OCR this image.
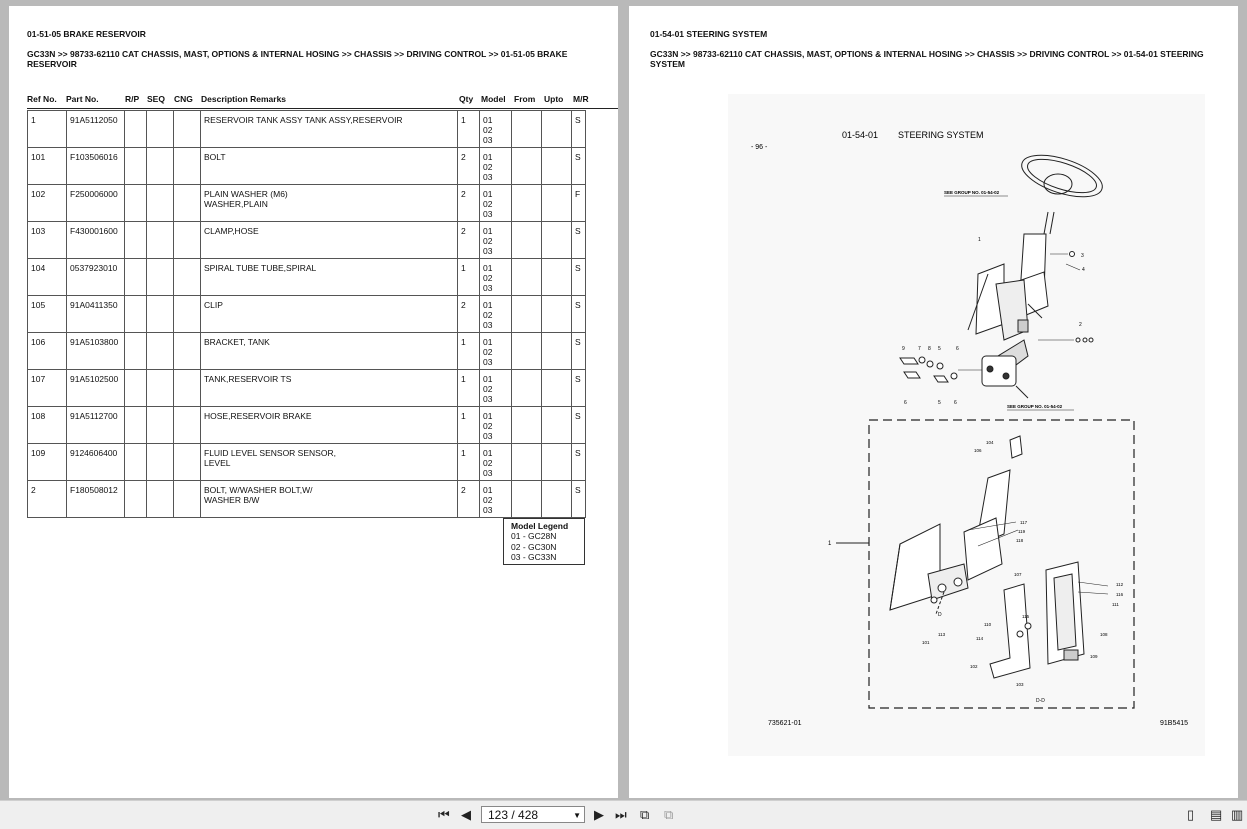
01-51-05 BRAKE RESERVOIR
GC33N >> 98733-62110 CAT CHASSIS, MAST, OPTIONS & INTERNAL HOSING >> CHASSIS >> DRIVING CONTROL >> 01-51-05 BRAKE RESERVOIR
Ref No. Part No.	R/P SEQ CNG Description Remarks	Qty Model From Upto M/R
1	91A5112050				RESERVOIR TANK ASSY TANK ASSY,RESERVOIR	1	01
02
03			S
101	F103506016				BOLT	2	01
02
03			S
102	F250006000				PLAIN WASHER (M6)
WASHER,PLAIN	2	01
02
03			F
103	F430001600				CLAMP,HOSE	2	01
02
03			S
104	0537923010				SPIRAL TUBE TUBE,SPIRAL	1	01
02
03			S
105	91A0411350				CLIP	2	01
02
03			S
106	91A5103800				BRACKET, TANK	1	01
02
03			S
107	91A5102500				TANK,RESERVOIR TS	1	01
02
03			S
108	91A5112700				HOSE,RESERVOIR BRAKE	1	01
02
03			S
109	9124606400				FLUID LEVEL SENSOR SENSOR,
LEVEL	1	01
02
03			S
2	F180508012				BOLT, W/WASHER BOLT,W/
WASHER B/W	2	01
02
03			S
Model Legend
01 - GC28N
02 - GC30N
03 - GC33N
01-54-01 STEERING SYSTEM
GC33N >> 98733-62110 CAT CHASSIS, MAST, OPTIONS & INTERNAL HOSING >> CHASSIS >> DRIVING CONTROL >> 01-54-01 STEERING SYSTEM
- 96 -
01-54-01 STEERING SYSTEM
SEE GROUP NO. 01-54-02
1
3
4
2
9	7 8 5	6
6	5	6
SEE GROUP NO. 01-54-02
1
104
106
117
119
118
107
114
110
115
113
101
102
112
116
111
108
109
103
D
D-D
735621-01	91B5415
⏮ ◀	123 / 428	▼ ▶ ⏭ ⧉ ⧉	▯ ▤ ▥
